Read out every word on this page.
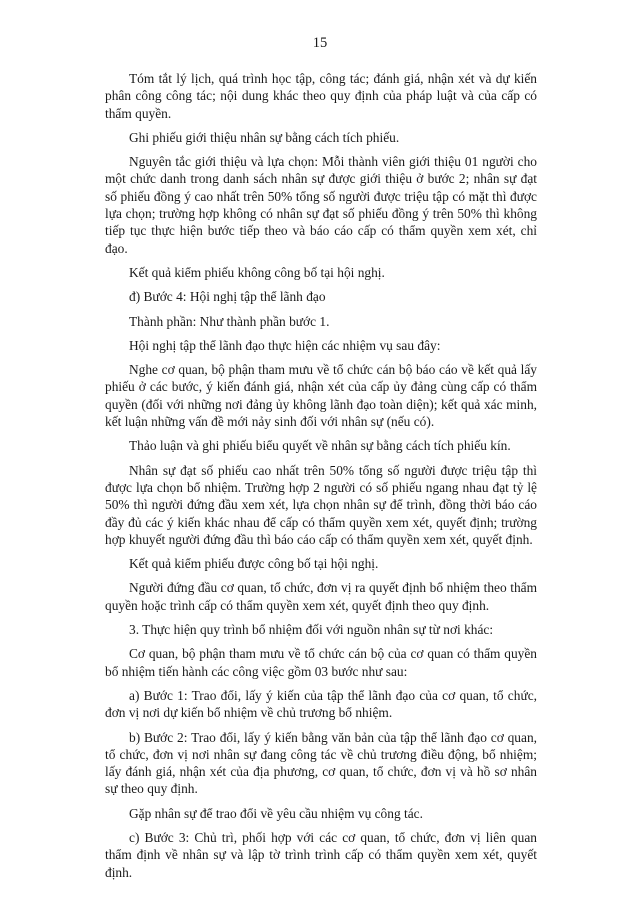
15

Tóm tắt lý lịch, quá trình học tập, công tác; đánh giá, nhận xét và dự kiến phân công công tác; nội dung khác theo quy định của pháp luật và của cấp có thẩm quyền.

Ghi phiếu giới thiệu nhân sự bằng cách tích phiếu.

Nguyên tắc giới thiệu và lựa chọn: Mỗi thành viên giới thiệu 01 người cho một chức danh trong danh sách nhân sự được giới thiệu ở bước 2; nhân sự đạt số phiếu đồng ý cao nhất trên 50% tổng số người được triệu tập có mặt thì được lựa chọn; trường hợp không có nhân sự đạt số phiếu đồng ý trên 50% thì không tiếp tục thực hiện bước tiếp theo và báo cáo cấp có thẩm quyền xem xét, chỉ đạo.

Kết quả kiểm phiếu không công bố tại hội nghị.

đ) Bước 4: Hội nghị tập thể lãnh đạo

Thành phần: Như thành phần bước 1.

Hội nghị tập thể lãnh đạo thực hiện các nhiệm vụ sau đây:

Nghe cơ quan, bộ phận tham mưu về tổ chức cán bộ báo cáo về kết quả lấy phiếu ở các bước, ý kiến đánh giá, nhận xét của cấp ủy đảng cùng cấp có thẩm quyền (đối với những nơi đảng ủy không lãnh đạo toàn diện); kết quả xác minh, kết luận những vấn đề mới nảy sinh đối với nhân sự (nếu có).

Thảo luận và ghi phiếu biểu quyết về nhân sự bằng cách tích phiếu kín.

Nhân sự đạt số phiếu cao nhất trên 50% tổng số người được triệu tập thì được lựa chọn bổ nhiệm. Trường hợp 2 người có số phiếu ngang nhau đạt tỷ lệ 50% thì người đứng đầu xem xét, lựa chọn nhân sự để trình, đồng thời báo cáo đầy đủ các ý kiến khác nhau để cấp có thẩm quyền xem xét, quyết định; trường hợp khuyết người đứng đầu thì báo cáo cấp có thẩm quyền xem xét, quyết định.

Kết quả kiểm phiếu được công bố tại hội nghị.

Người đứng đầu cơ quan, tổ chức, đơn vị ra quyết định bổ nhiệm theo thẩm quyền hoặc trình cấp có thẩm quyền xem xét, quyết định theo quy định.

3. Thực hiện quy trình bổ nhiệm đối với nguồn nhân sự từ nơi khác:

Cơ quan, bộ phận tham mưu về tổ chức cán bộ của cơ quan có thẩm quyền bổ nhiệm tiến hành các công việc gồm 03 bước như sau:

a) Bước 1: Trao đổi, lấy ý kiến của tập thể lãnh đạo của cơ quan, tổ chức, đơn vị nơi dự kiến bổ nhiệm về chủ trương bổ nhiệm.

b) Bước 2: Trao đổi, lấy ý kiến bằng văn bản của tập thể lãnh đạo cơ quan, tổ chức, đơn vị nơi nhân sự đang công tác về chủ trương điều động, bổ nhiệm; lấy đánh giá, nhận xét của địa phương, cơ quan, tổ chức, đơn vị và hồ sơ nhân sự theo quy định.

Gặp nhân sự để trao đổi về yêu cầu nhiệm vụ công tác.

c) Bước 3: Chủ trì, phối hợp với các cơ quan, tổ chức, đơn vị liên quan thẩm định về nhân sự và lập tờ trình trình cấp có thẩm quyền xem xét, quyết định.
